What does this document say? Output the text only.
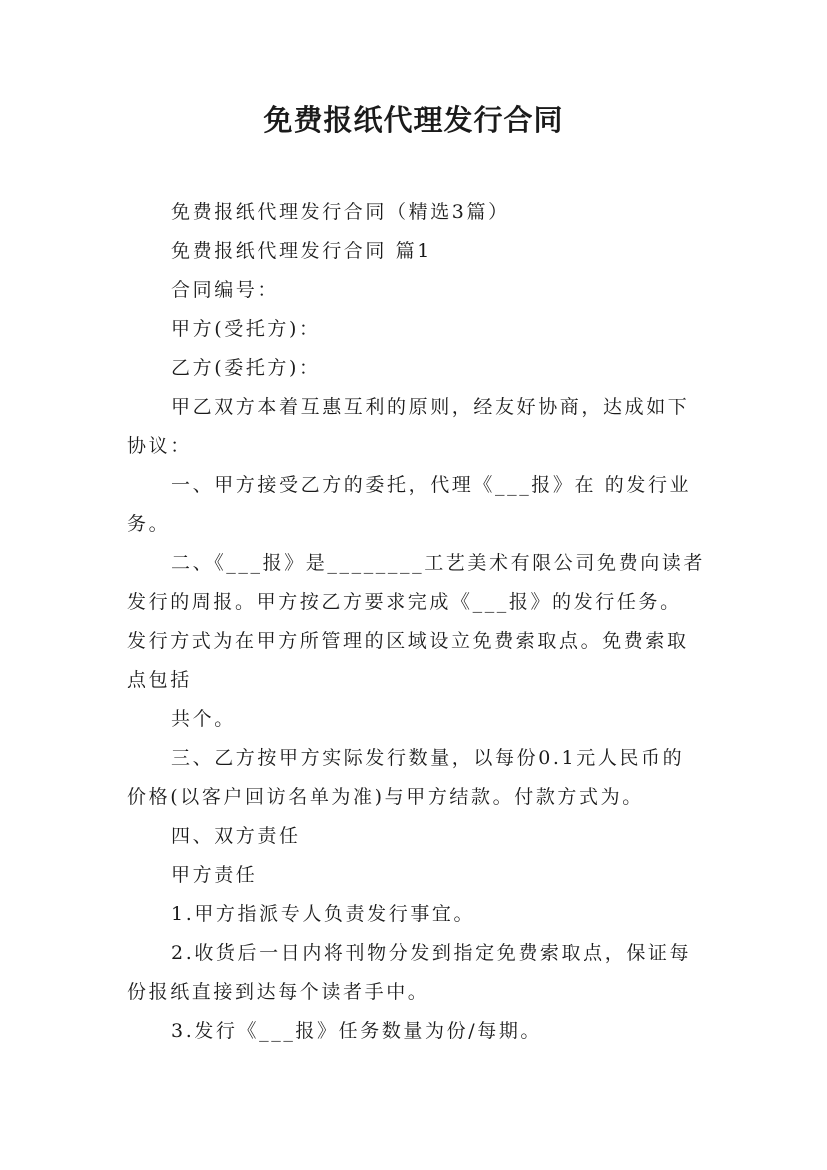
免费报纸代理发行合同
免费报纸代理发行合同（精选3篇）
免费报纸代理发行合同 篇1
合同编号：
甲方(受托方)：
乙方(委托方)：
甲乙双方本着互惠互利的原则，经友好协商，达成如下
协议：
一、甲方接受乙方的委托，代理《___报》在 的发行业
务。
二、《___报》是________工艺美术有限公司免费向读者
发行的周报。甲方按乙方要求完成《___报》的发行任务。
发行方式为在甲方所管理的区域设立免费索取点。免费索取
点包括
共个。
三、乙方按甲方实际发行数量，以每份0.1元人民币的
价格(以客户回访名单为准)与甲方结款。付款方式为。
四、双方责任
甲方责任
1.甲方指派专人负责发行事宜。
2.收货后一日内将刊物分发到指定免费索取点，保证每
份报纸直接到达每个读者手中。
3.发行《___报》任务数量为份/每期。
